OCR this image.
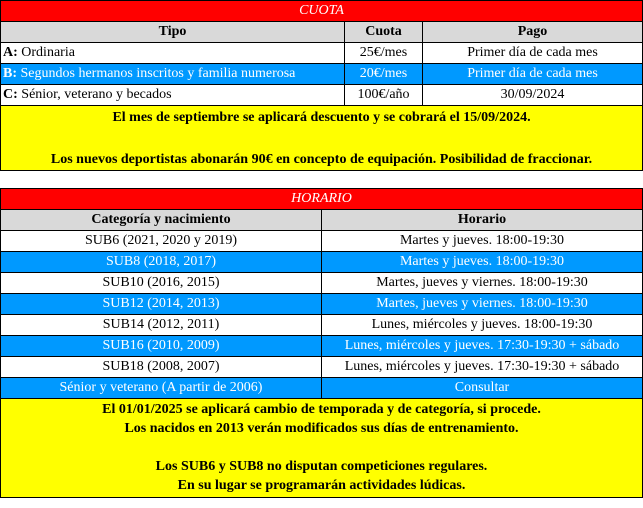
CUOTA		
Tipo	Cuota	Pago
A: Ordinaria	25€/mes	Primer día de cada mes
B: Segundos hermanos inscritos y familia numerosa	20€/mes	Primer día de cada mes
C: Sénior, veterano y becados	100€/año	30/09/2024

El mes de septiembre se aplicará descuento y se cobrará el 15/09/2024.
Los nuevos deportistas abonarán 90€ en concepto de equipación. Posibilidad de fraccionar.		
HORARIO	
Categoría y nacimiento	Horario
SUB6 (2021, 2020 y 2019)	Martes y jueves. 18:00-19:30
SUB8 (2018, 2017)	Martes y jueves. 18:00-19:30
SUB10 (2016, 2015)	Martes, jueves y viernes. 18:00-19:30
SUB12 (2014, 2013)	Martes, jueves y viernes. 18:00-19:30
SUB14 (2012, 2011)	Lunes, miércoles y jueves. 18:00-19:30
SUB16 (2010, 2009)	Lunes, miércoles y jueves. 17:30-19:30 + sábado
SUB18 (2008, 2007)	Lunes, miércoles y jueves. 17:30-19:30 + sábado
Sénior y veterano (A partir de 2006)	Consultar

El 01/01/2025 se aplicará cambio de temporada y de categoría, si procede.
Los nacidos en 2013 verán modificados sus días de entrenamiento.
Los SUB6 y SUB8 no disputan competiciones regulares.
En su lugar se programarán actividades lúdicas.	
